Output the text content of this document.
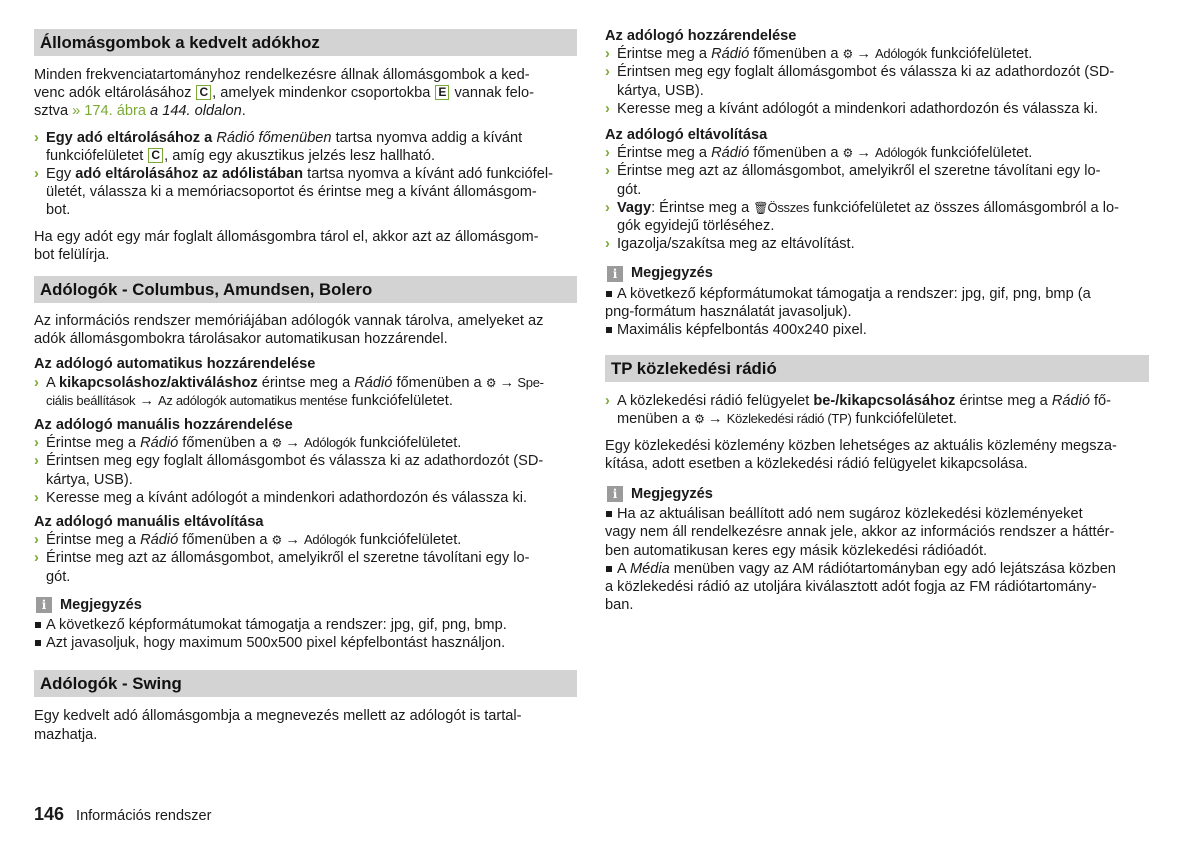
Állomásgombok a kedvelt adókhoz
Minden frekvenciatartományhoz rendelkezésre állnak állomásgombok a ked-
venc adók eltárolásához C , amelyek mindenkor csoportokba E vannak felo-
sztva » 174. ábra a 144. oldalon.
› Egy adó eltárolásához a Rádió főmenüben tartsa nyomva addig a kívánt
funkciófelületet C , amíg egy akusztikus jelzés lesz hallható.
› Egy adó eltárolásához az adólistában tartsa nyomva a kívánt adó funkciófel-
ületét, válassza ki a memóriacsoportot és érintse meg a kívánt állomásgom-
bot.
Ha egy adót egy már foglalt állomásgombra tárol el, akkor azt az állomásgom-
bot felülírja.
Adólogók - Columbus, Amundsen, Bolero
Az információs rendszer memóriájában adólogók vannak tárolva, amelyeket az
adók állomásgombokra tárolásakor automatikusan hozzárendel.
Az adólogó automatikus hozzárendelése
› A kikapcsoláshoz/aktiváláshoz érintse meg a Rádió főmenüben a ⚙ → Spe-
ciális beállítások → Az adólogók automatikus mentése funkciófelületet.
Az adólogó manuális hozzárendelése
› Érintse meg a Rádió főmenüben a ⚙ → Adólogók funkciófelületet.
› Érintsen meg egy foglalt állomásgombot és válassza ki az adathordozót (SD-
kártya, USB).
› Keresse meg a kívánt adólogót a mindenkori adathordozón és válassza ki.
Az adólogó manuális eltávolítása
› Érintse meg a Rádió főmenüben a ⚙ → Adólogók funkciófelületet.
› Érintse meg azt az állomásgombot, amelyikről el szeretne távolítani egy lo-
gót.
i Megjegyzés
A következő képformátumokat támogatja a rendszer: jpg, gif, png, bmp.
Azt javasoljuk, hogy maximum 500x500 pixel képfelbontást használjon.
Adólogók - Swing
Egy kedvelt adó állomásgombja a megnevezés mellett az adólogót is tartal-
mazhatja.
Az adólogó hozzárendelése
› Érintse meg a Rádió főmenüben a ⚙ → Adólogók funkciófelületet.
› Érintsen meg egy foglalt állomásgombot és válassza ki az adathordozót (SD-
kártya, USB).
› Keresse meg a kívánt adólogót a mindenkori adathordozón és válassza ki.
Az adólogó eltávolítása
› Érintse meg a Rádió főmenüben a ⚙ → Adólogók funkciófelületet.
› Érintse meg azt az állomásgombot, amelyikről el szeretne távolítani egy lo-
gót.
› Vagy: Érintse meg a 🗑Összes funkciófelületet az összes állomásgombról a lo-
gók egyidejű törléséhez.
› Igazolja/szakítsa meg az eltávolítást.
i Megjegyzés
A következő képformátumokat támogatja a rendszer: jpg, gif, png, bmp (a
png-formátum használatát javasoljuk).
Maximális képfelbontás 400x240 pixel.
TP közlekedési rádió
› A közlekedési rádió felügyelet be-/kikapcsolásához érintse meg a Rádió fő-
menüben a ⚙ → Közlekedési rádió (TP) funkciófelületet.
Egy közlekedési közlemény közben lehetséges az aktuális közlemény megsza-
kítása, adott esetben a közlekedési rádió felügyelet kikapcsolása.
i Megjegyzés
Ha az aktuálisan beállított adó nem sugároz közlekedési közleményeket
vagy nem áll rendelkezésre annak jele, akkor az információs rendszer a háttér-
ben automatikusan keres egy másik közlekedési rádióadót.
A Média menüben vagy az AM rádiótartományban egy adó lejátszása közben
a közlekedési rádió az utoljára kiválasztott adót fogja az FM rádiótartomány-
ban.
146 Információs rendszer
